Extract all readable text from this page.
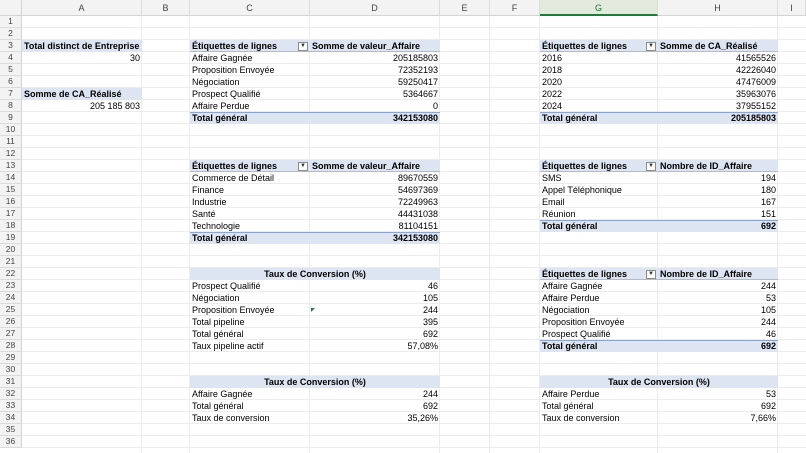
A	B	C	D	E	F	G	H	I
1
2
3
4
5
6
7
8
9
10
11
12
13
14
15
16
17
18
19
20
21
22
23
24
25
26
27
28
29
30
31
32
33
34
35
36
Total distinct de Entreprise
30
Somme de CA_Réalisé
205 185 803
Étiquettes de lignes	▼ Somme de valeur_Affaire
Affaire Gagnée	205185803
Proposition Envoyée	72352193
Négociation	59250417
Prospect Qualifié	5364667
Affaire Perdue	0
Total général	342153080
Étiquettes de lignes	▼ Somme de valeur_Affaire
Commerce de Détail	89670559
Finance	54697369
Industrie	72249963
Santé	44431038
Technologie	81104151
Total général	342153080
Étiquettes de lignes	▼ Somme de CA_Réalisé
2016	41565526
2018	42226040
2020	47476009
2022	35963076
2024	37955152
Total général	205185803
Étiquettes de lignes	▼ Nombre de ID_Affaire
SMS	194
Appel Téléphonique	180
Email	167
Réunion	151
Total général	692
Étiquettes de lignes	▼ Nombre de ID_Affaire
Affaire Gagnée	244
Affaire Perdue	53
Négociation	105
Proposition Envoyée	244
Prospect Qualifié	46
Total général	692
Taux de Conversion (%)
Prospect Qualifié	46
Négociation	105
Proposition Envoyée	244
Total pipeline	395
Total général	692
Taux pipeline actif	57,08%
Taux de Conversion (%)
Affaire Gagnée	244
Total général	692
Taux de conversion	35,26%
Taux de Conversion (%)
Affaire Perdue	53
Total général	692
Taux de conversion	7,66%
